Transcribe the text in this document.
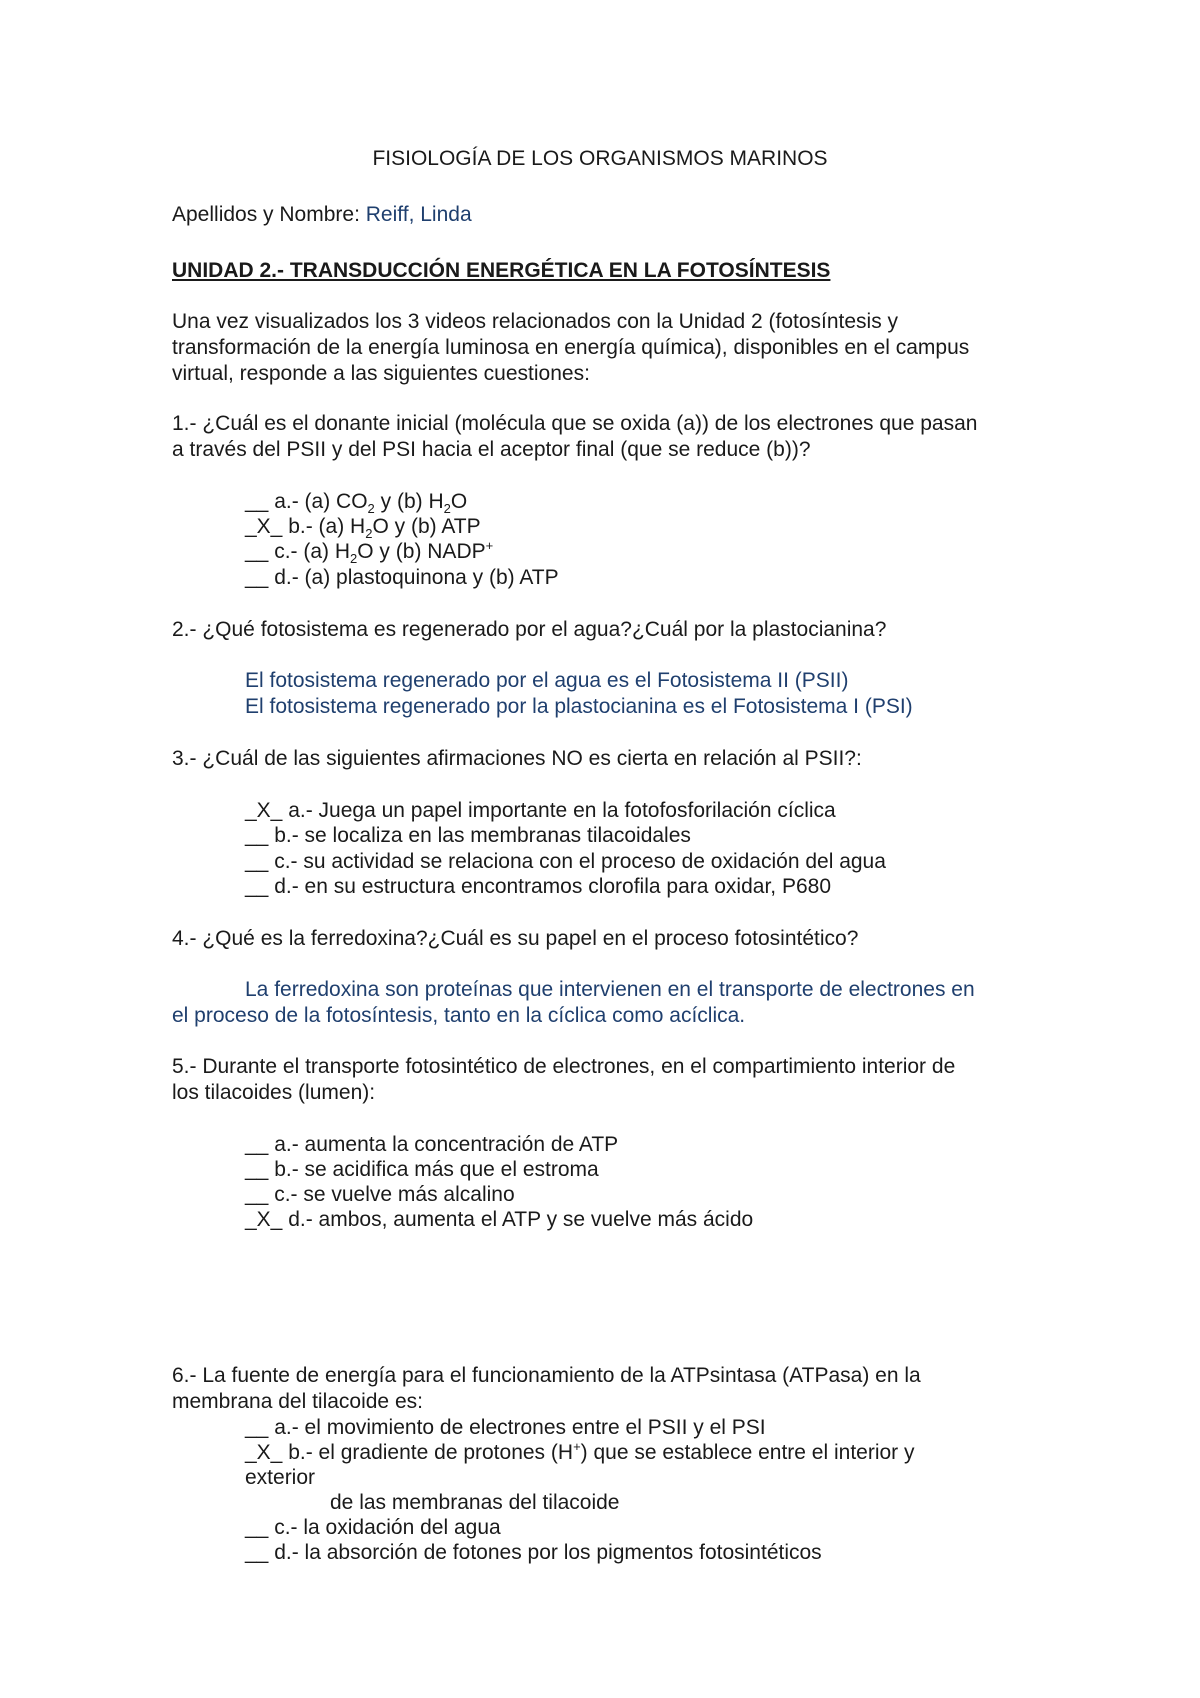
FISIOLOGÍA DE LOS ORGANISMOS MARINOS
Apellidos y Nombre: Reiff, Linda
UNIDAD 2.- TRANSDUCCIÓN ENERGÉTICA EN LA FOTOSÍNTESIS
Una vez visualizados los 3 videos relacionados con la Unidad 2 (fotosíntesis y
transformación de la energía luminosa en energía química), disponibles en el campus
virtual, responde a las siguientes cuestiones:
1.- ¿Cuál es el donante inicial (molécula que se oxida (a)) de los electrones que pasan
a través del PSII y del PSI hacia el aceptor final (que se reduce (b))?
__ a.- (a) $CO_2$ y (b) $H_2O$
_X_ b.- (a) $H_2O$ y (b) ATP
__ c.- (a) $H_2O$ y (b) NADP+
__ d.- (a) plastoquinona y (b) ATP
2.- ¿Qué fotosistema es regenerado por el agua?¿Cuál por la plastocianina?
El fotosistema regenerado por el agua es el Fotosistema II (PSII)
El fotosistema regenerado por la plastocianina es el Fotosistema I (PSI)
3.- ¿Cuál de las siguientes afirmaciones NO es cierta en relación al PSII?:
_X_ a.- Juega un papel importante en la fotofosforilación cíclica
__ b.- se localiza en las membranas tilacoidales
__ c.- su actividad se relaciona con el proceso de oxidación del agua
__ d.- en su estructura encontramos clorofila para oxidar, P680
4.- ¿Qué es la ferredoxina?¿Cuál es su papel en el proceso fotosintético?
La ferredoxina son proteínas que intervienen en el transporte de electrones en
el proceso de la fotosíntesis, tanto en la cíclica como acíclica.
5.- Durante el transporte fotosintético de electrones, en el compartimiento interior de
los tilacoides (lumen):
__ a.- aumenta la concentración de ATP
__ b.- se acidifica más que el estroma
__ c.- se vuelve más alcalino
_X_ d.- ambos, aumenta el ATP y se vuelve más ácido
6.- La fuente de energía para el funcionamiento de la ATPsintasa (ATPasa) en la
membrana del tilacoide es:
__ a.- el movimiento de electrones entre el PSII y el PSI
_X_ b.- el gradiente de protones (H+) que se establece entre el interior y
exterior
de las membranas del tilacoide
__ c.- la oxidación del agua
__ d.- la absorción de fotones por los pigmentos fotosintéticos
